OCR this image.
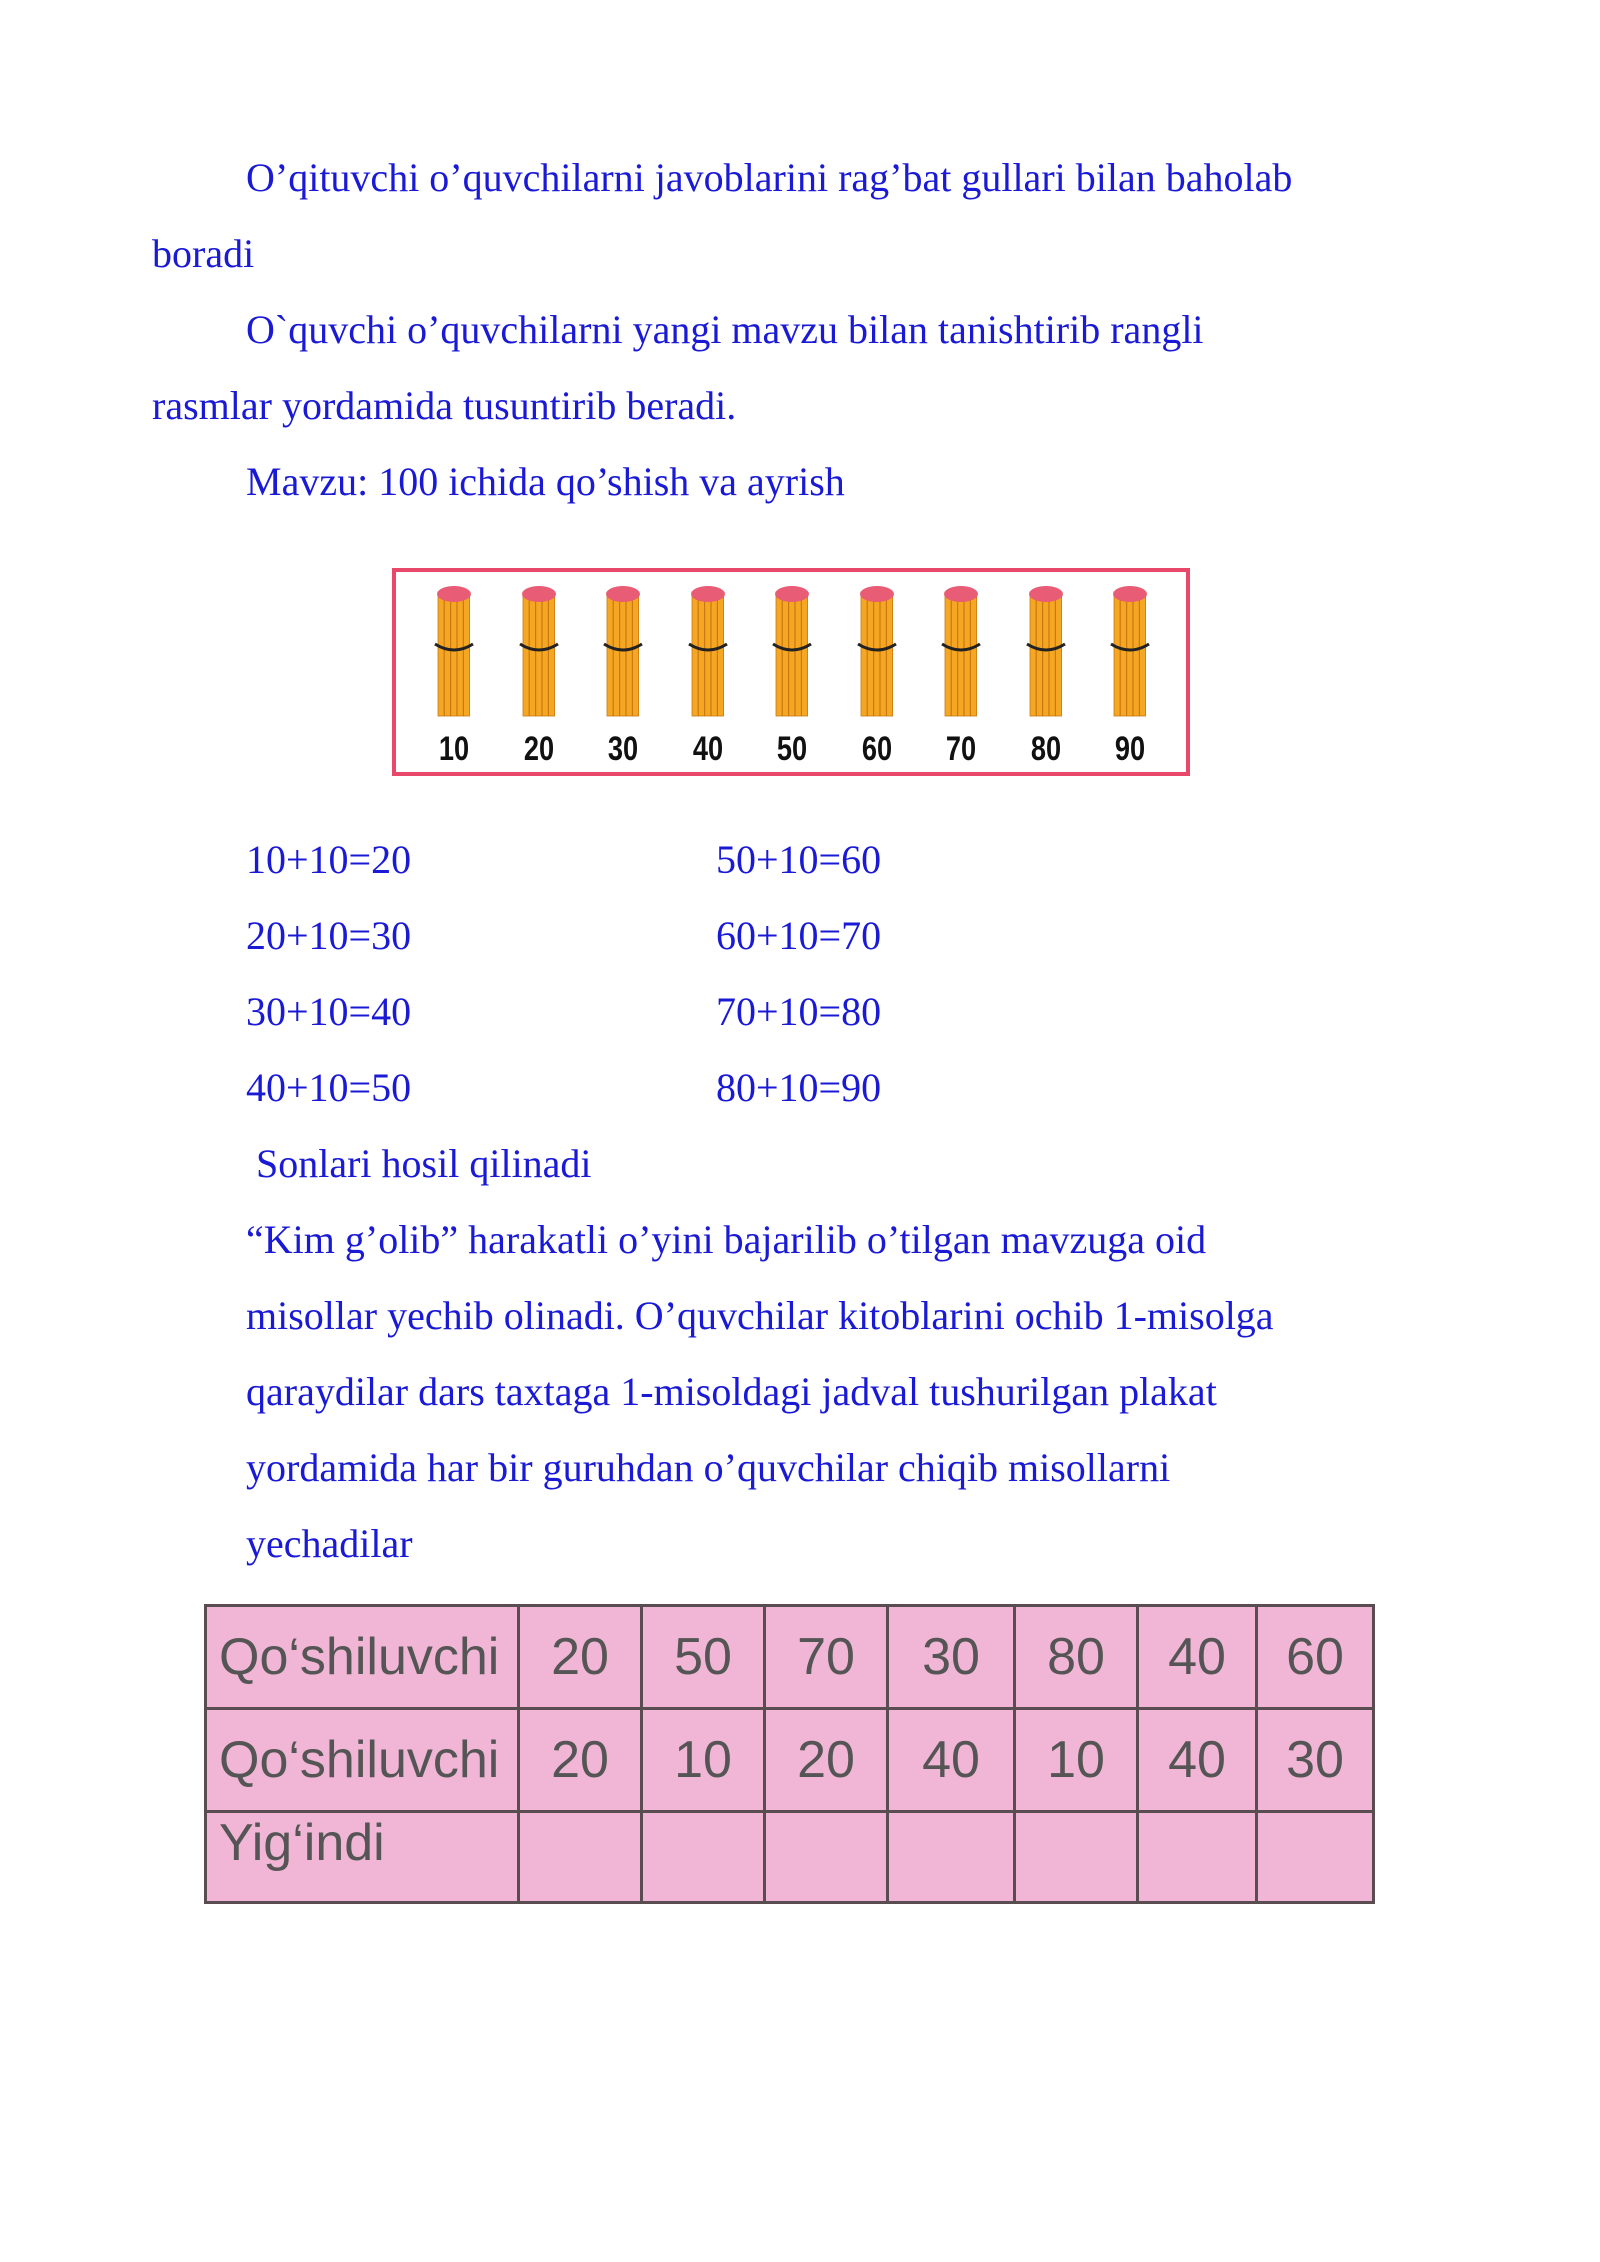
O’qituvchi o’quvchilarni javoblarini rag’bat gullari bilan baholab
boradi
O`quvchi o’quvchilarni yangi mavzu bilan tanishtirib rangli
rasmlar yordamida tusuntirib beradi.
Mavzu: 100 ichida qo’shish va ayrish
10	20	30	40	50	60	70	80	90
10+10=20
20+10=30
30+10=40
40+10=50
50+10=60
60+10=70
70+10=80
80+10=90
Sonlari hosil qilinadi
“Kim g’olib” harakatli o’yini bajarilib o’tilgan mavzuga oid
misollar yechib olinadi. O’quvchilar kitoblarini ochib 1-misolga
qaraydilar dars taxtaga 1-misoldagi jadval tushurilgan plakat
yordamida har bir guruhdan o’quvchilar chiqib misollarni
yechadilar
Qo‘shiluvchi	20	50	70	30	80	40	60
Qo‘shiluvchi	20	10	20	40	10	40	30
Yig‘indi							
